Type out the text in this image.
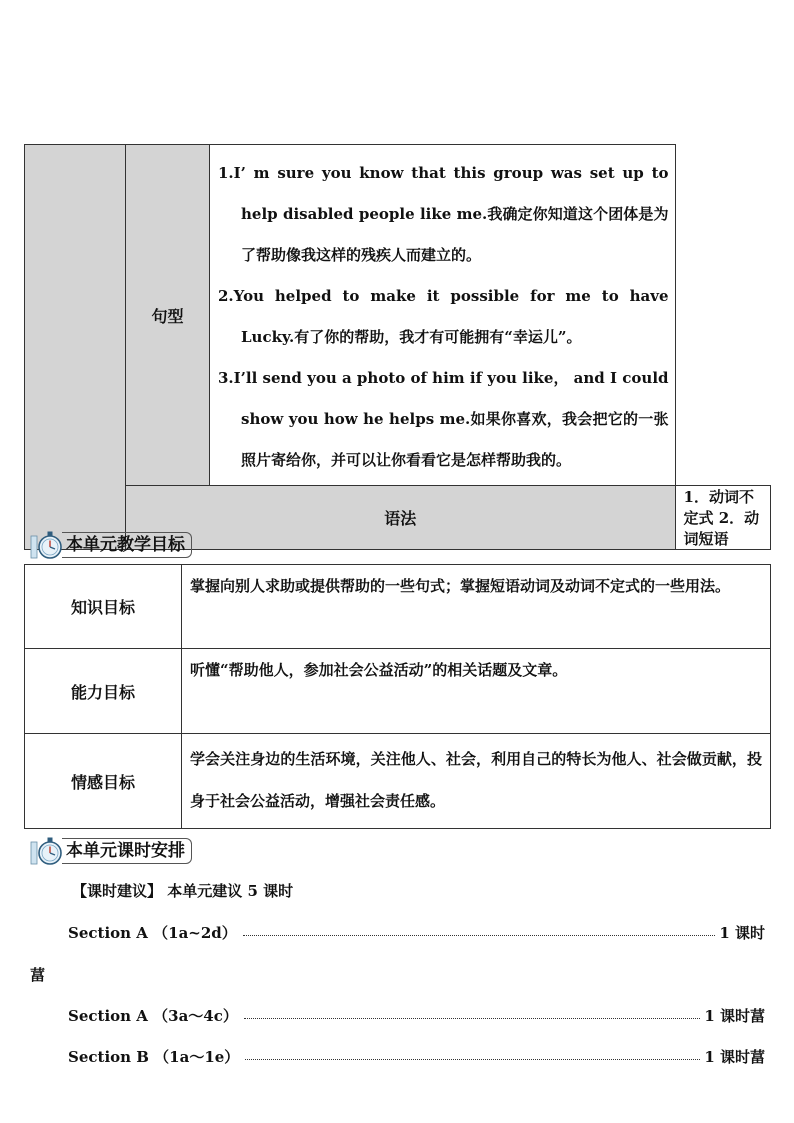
	句型	1.I’ m sure you know that this group was set up to help disabled people like me.我确定你知道这个团体是为了帮助像我这样的残疾人而建立的。

2.You helped to make it possible for me to have Lucky.有了你的帮助，我才有可能拥有“幸运儿”。

3.I’ll send you a photo of him if you like， and I could show you how he helps me.如果你喜欢，我会把它的一张照片寄给你，并可以让你看看它是怎样帮助我的。	

	语法		1．动词不定式 2．动词短语
本单元教学目标
知识目标	掌握向别人求助或提供帮助的一些句式；掌握短语动词及动词不定式的一些用法。
能力目标	听懂“帮助他人，参加社会公益活动”的相关话题及文章。
情感目标	学会关注身边的生活环境，关注他人、社会，利用自己的特长为他人、社会做贡献，投身于社会公益活动，增强社会责任感。
本单元课时安排
【课时建议】 本单元建议 5 课时
Section A （1a~2d）	1 课时
葍
Section A （3a～4c）	1 课时 葍
Section B （1a～1e）	1 课时 葍
